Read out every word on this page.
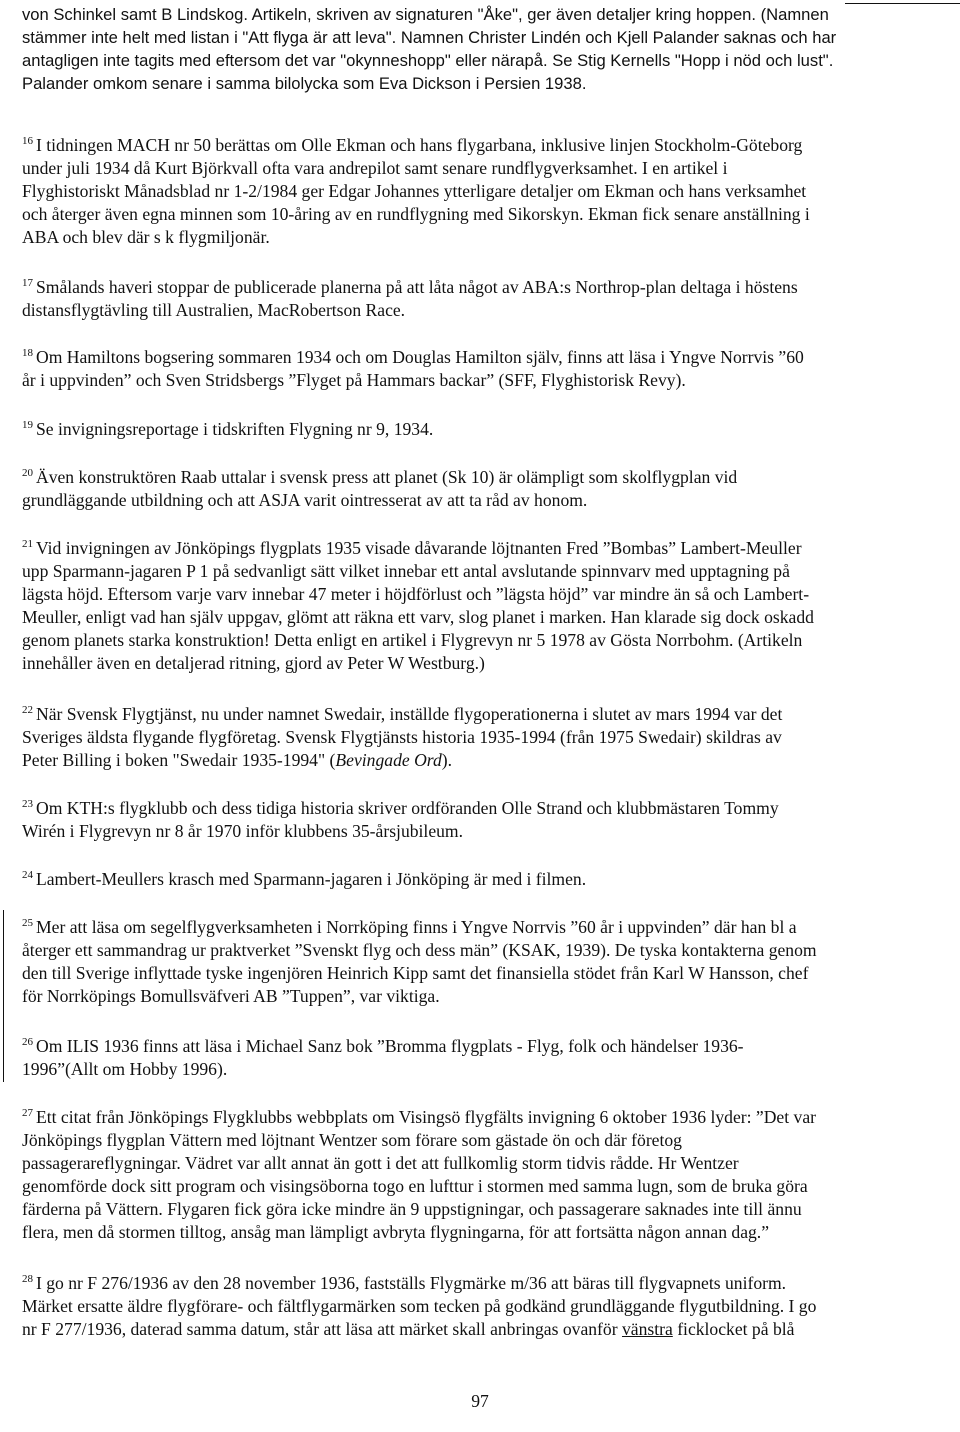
von Schinkel samt B Lindskog. Artikeln, skriven av signaturen "Åke", ger även detaljer kring hoppen. (Namnen
stämmer inte helt med listan i "Att flyga är att leva". Namnen Christer Lindén och Kjell Palander saknas och har
antagligen inte tagits med eftersom det var "okynneshopp" eller näraрå. Se Stig Kernells "Hopp i nöd och lust".
Palander omkom senare i samma bilolycka som Eva Dickson i Persien 1938.
$^{16}$ I tidningen MACH nr 50 berättas om Olle Ekman och hans flygarbana, inklusive linjen Stockholm-Göteborg
under juli 1934 då Kurt Björkvall ofta vara andrepilot samt senare rundflygverksamhet. I en artikel i
Flyghistoriskt Månadsblad nr 1-2/1984 ger Edgar Johannes ytterligare detaljer om Ekman och hans verksamhet
och återger även egna minnen som 10-åring av en rundflygning med Sikorskyn. Ekman fick senare anställning i
ABA och blev där s k flygmiljonär.
$^{17}$ Smålands haveri stoppar de publicerade planerna på att låta något av ABA:s Northrop-plan deltaga i höstens
distansflygtävling till Australien, MacRobertson Race.
$^{18}$ Om Hamiltons bogsering sommaren 1934 och om Douglas Hamilton själv, finns att läsa i Yngve Norrvis ”60
år i uppvinden” och Sven Stridsbergs ”Flyget på Hammars backar” (SFF, Flyghistorisk Revy).
$^{19}$ Se invigningsreportage i tidskriften Flygning nr 9, 1934.
$^{20}$ Även konstruktören Raab uttalar i svensk press att planet (Sk 10) är olämpligt som skolflygplan vid
grundläggande utbildning och att ASJA varit ointresserat av att ta råd av honom.
$^{21}$ Vid invigningen av Jönköpings flygplats 1935 visade dåvarande löjtnanten Fred ”Bombas” Lambert-Meuller
upp Sparmann-jagaren P 1 på sedvanligt sätt vilket innebar ett antal avslutande spinnvarv med upptagning på
lägsta höjd. Eftersom varje varv innebar 47 meter i höjdförlust och ”lägsta höjd” var mindre än så och Lambert-
Meuller, enligt vad han själv uppgav, glömt att räkna ett varv, slog planet i marken. Han klarade sig dock oskadd
genom planets starka konstruktion! Detta enligt en artikel i Flygrevyn nr 5 1978 av Gösta Norrbohm. (Artikeln
innehåller även en detaljerad ritning, gjord av Peter W Westburg.)
$^{22}$ När Svensk Flygtjänst, nu under namnet Swedair, inställde flygoperationerna i slutet av mars 1994 var det
Sveriges äldsta flygande flygföretag. Svensk Flygtjänsts historia 1935-1994 (från 1975 Swedair) skildras av
Peter Billing i boken "Swedair 1935-1994" (Bevingade Ord).
$^{23}$ Om KTH:s flygklubb och dess tidiga historia skriver ordföranden Olle Strand och klubbmästaren Tommy
Wirén i Flygrevyn nr 8 år 1970 inför klubbens 35-årsjubileum.
$^{24}$ Lambert-Meullers krasch med Sparmann-jagaren i Jönköping är med i filmen.
$^{25}$ Mer att läsa om segelflygverksamheten i Norrköping finns i Yngve Norrvis ”60 år i uppvinden” där han bl a
återger ett sammandrag ur praktverket ”Svenskt flyg och dess män” (KSAK, 1939). De tyska kontakterna genom
den till Sverige inflyttade tyske ingenjören Heinrich Kipp samt det finansiella stödet från Karl W Hansson, chef
för Norrköpings Bomullsväfveri AB ”Tuppen”, var viktiga.
$^{26}$ Om ILIS 1936 finns att läsa i Michael Sanz bok ”Bromma flygplats - Flyg, folk och händelser 1936-
1996”(Allt om Hobby 1996).
$^{27}$ Ett citat från Jönköpings Flygklubbs webbplats om Visingsö flygfälts invigning 6 oktober 1936 lyder: ”Det var
Jönköpings flygplan Vättern med löjtnant Wentzer som förare som gästade ön och där företog
passagerareflygningar. Vädret var allt annat än gott i det att fullkomlig storm tidvis rådde. Hr Wentzer
genomförde dock sitt program och visingsöborna togo en lufttur i stormen med samma lugn, som de bruka göra
färderna på Vättern. Flygaren fick göra icke mindre än 9 uppstigningar, och passagerare saknades inte till ännu
flera, men då stormen tilltog, ansåg man lämpligt avbryta flygningarna, för att fortsätta någon annan dag.”
$^{28}$ I go nr F 276/1936 av den 28 november 1936, fastställs Flygmärke m/36 att bäras till flygvapnets uniform.
Märket ersatte äldre flygförare- och fältflygarmärken som tecken på godkänd grundläggande flygutbildning. I go
nr F 277/1936, daterad samma datum, står att läsa att märket skall anbringas ovanför vänstra ficklocket på blå
97
